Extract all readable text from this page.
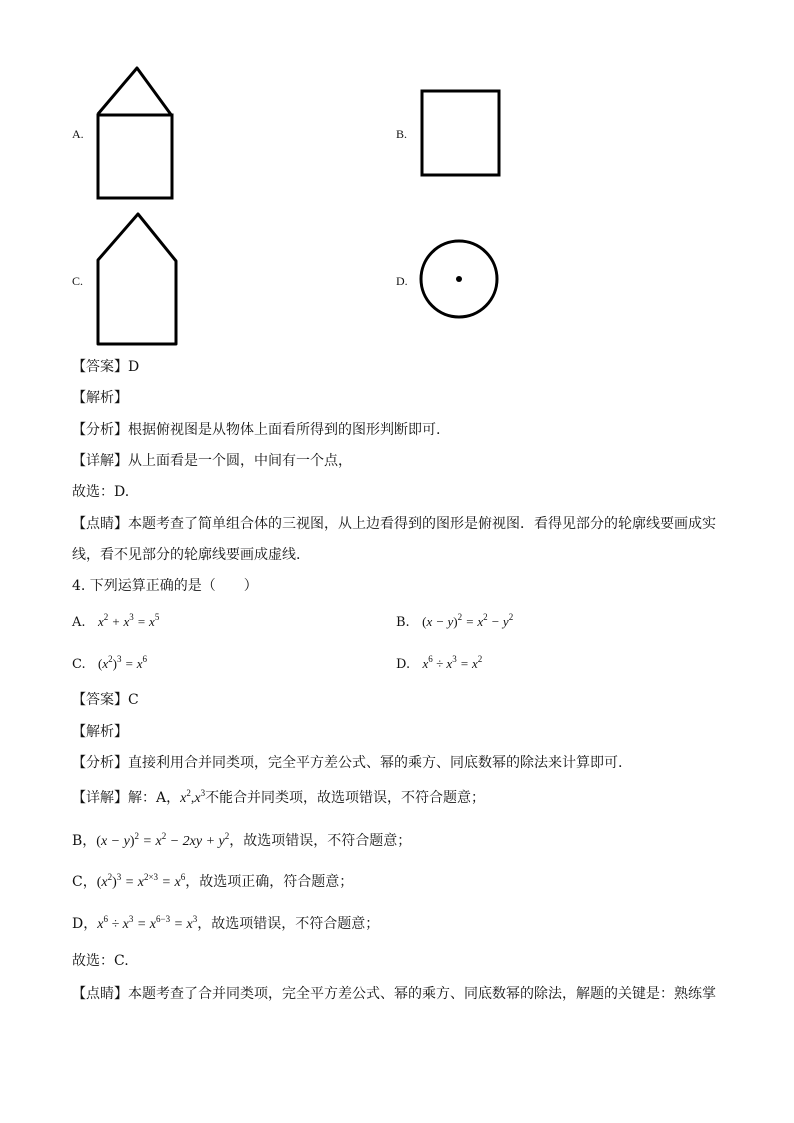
A.	B.
C.	D.
【答案】D
【解析】
【分析】根据俯视图是从物体上面看所得到的图形判断即可.
【详解】从上面看是一个圆，中间有一个点，
故选：D.
【点睛】本题考查了简单组合体的三视图，从上边看得到的图形是俯视图．看得见部分的轮廓线要画成实
线，看不见部分的轮廓线要画成虚线.
4. 下列运算正确的是（　　）
A. $x^2 + x^3 = x^5$	B. $(x - y)^2 = x^2 - y^2$
C. $(x^2)^3 = x^6$	D. $x^6 \div x^3 = x^2$
【答案】C
【解析】
【分析】直接利用合并同类项，完全平方差公式、幂的乘方、同底数幂的除法来计算即可.
【详解】解：A，$x^2,x^3$不能合并同类项，故选项错误，不符合题意；
B，$(x - y)^2 = x^2 - 2xy + y^2$，故选项错误，不符合题意；
C，$(x^2)^3 = x^{2\times 3} = x^6$，故选项正确，符合题意；
D，$x^6 \div x^3 = x^{6-3} = x^3$，故选项错误，不符合题意；
故选：C.
【点睛】本题考查了合并同类项，完全平方差公式、幂的乘方、同底数幂的除法，解题的关键是：熟练掌
